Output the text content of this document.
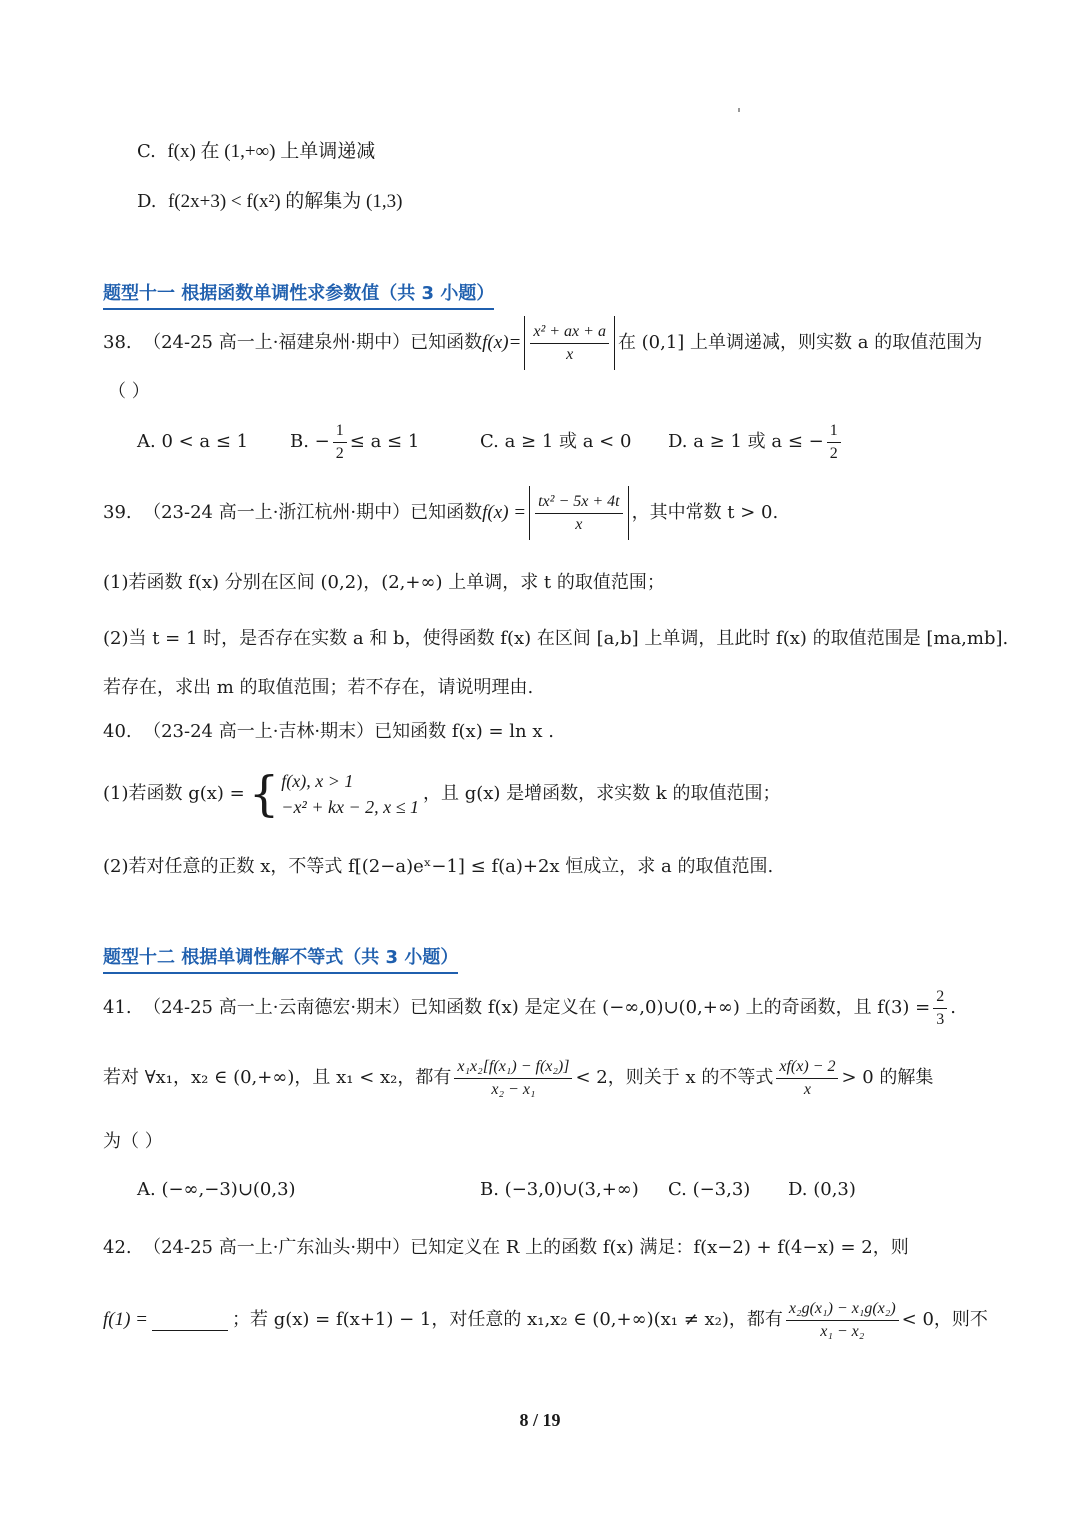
C.
f(x) 在 (1,+∞) 上单调递减
D.
f(2x+3) < f(x²) 的解集为 (1,3)
题型十一 根据函数单调性求参数值（共 3 小题）
38.
（24-25 高一上·福建泉州·期中）已知函数 $f(x)= \frac{\text{x² + ax + a}}{x}$ 在 (0,1] 上单调递减，则实数 a 的取值范围为
（ ）
A. 0 < a ≤ 1 B. − $\frac{1}{2} \le a \le 1$	C. a ≥ 1 或 a < 0 D. a ≥ 1 或 a ≤ − $\frac{1}{2}$
39.
（23-24 高一上·浙江杭州·期中）已知函数 $f(x) = \frac{\text{tx² − 5x + 4t}}{x}$ ，其中常数 t > 0.
(1)若函数 f(x) 分别在区间 (0,2)，(2,+∞) 上单调，求 t 的取值范围；
(2)当 t = 1 时，是否存在实数 a 和 b，使得函数 f(x) 在区间 [a,b] 上单调，且此时 f(x) 的取值范围是 [ma,mb].
若存在，求出 m 的取值范围；若不存在，请说明理由.
40.
（23-24 高一上·吉林·期末）已知函数 f(x) = ln x .
(1)若函数 g(x) = { f(x), x > 1
−x² + kx − 2, x ≤ 1
，且 g(x) 是增函数，求实数 k 的取值范围；
(2)若对任意的正数 x，不等式 f[(2−a)eˣ−1] ≤ f(a)+2x 恒成立，求 a 的取值范围.
题型十二 根据单调性解不等式（共 3 小题）
41.
（24-25 高一上·云南德宏·期末）已知函数 f(x) 是定义在 (−∞,0)∪(0,+∞) 上的奇函数，且 $f(3) = \frac{2}{3}$ .
若对 ∀x₁，x₂ ∈ (0,+∞)，且 x₁ < x₂，都有 $\frac{\text{x₁x₂[f(x₁) − f(x₂)]}}{\text{x₂ − x₁}} < 2$，则关于 x 的不等式 $\frac{xf(x) - 2}{x} > 0$ 的解集
为（ ）
A. (−∞,−3)∪(0,3)	B. (−3,0)∪(3,+∞) C. (−3,3) D. (0,3)
42.
（24-25 高一上·广东汕头·期中）已知定义在 R 上的函数 f(x) 满足：f(x−2) + f(4−x) = 2，则
f(1) =	；若 g(x) = f(x+1) − 1，对任意的 x₁,x₂ ∈ (0,+∞)(x₁ ≠ x₂)，都有 $\frac{\text{x₂g(x₁) − x₁g(x₂)}}{\text{x₁ − x₂}} < 0$，则不
8 / 19
